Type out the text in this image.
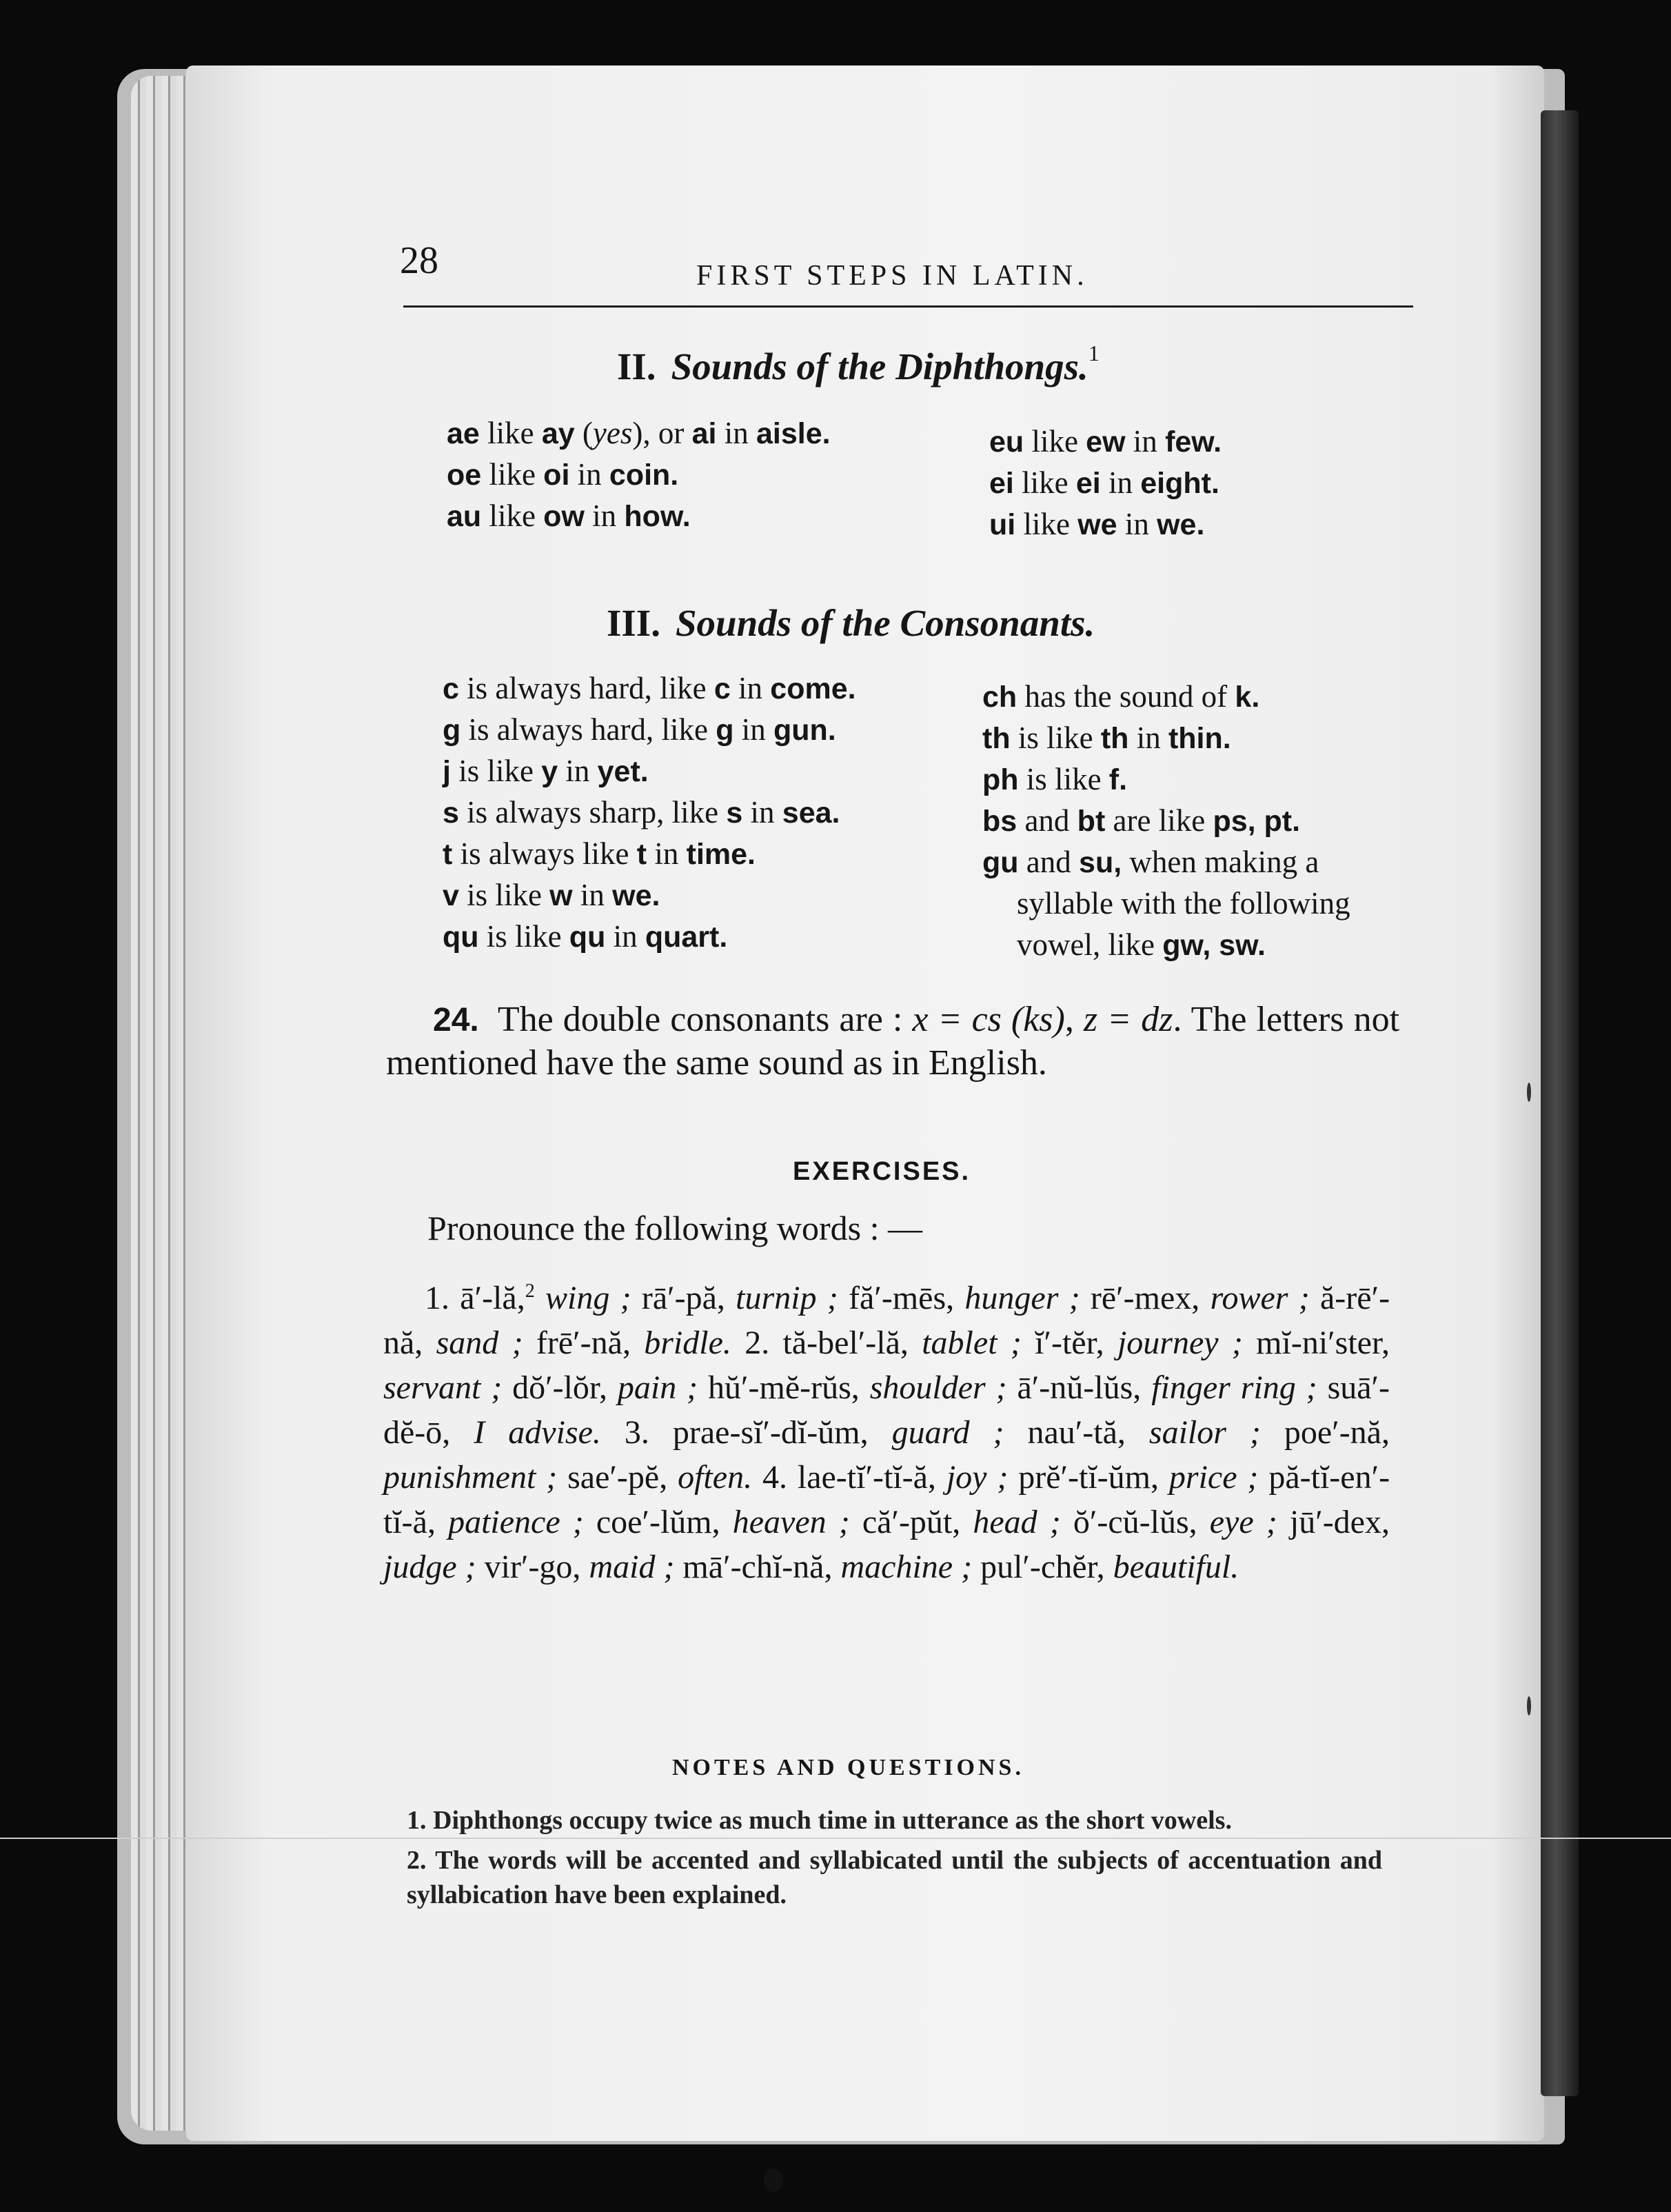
28	FIRST STEPS IN LATIN.
II. Sounds of the Diphthongs.$^1$
ae like ay (yes), or ai in aisle.
oe like oi in coin.
au like ow in how.
eu like ew in few.
ei like ei in eight.
ui like we in we.
III. Sounds of the Consonants.
c is always hard, like c in come.
g is always hard, like g in gun.
j is like y in yet.
s is always sharp, like s in sea.
t is always like t in time.
v is like w in we.
qu is like qu in quart.
ch has the sound of k.
th is like th in thin.
ph is like f.
bs and bt are like ps, pt.
gu and su, when making a
syllable with the following
vowel, like gw, sw.
24. The double consonants are : x = cs (ks), z = dz. The letters not mentioned have the same sound as in English.
EXERCISES.
Pronounce the following words : —
1. ā′-lă,$^2$ wing ; rā′-pă, turnip ; fă′-mēs, hunger ; rē′-mex, rower ; ă-rē′-nă, sand ; frē′-nă, bridle. 2. tă-bel′-lă, tablet ; ĭ′-tĕr, journey ; mĭ-ni′ster, servant ; dŏ′-lŏr, pain ; hŭ′-mĕ-rŭs, shoulder ; ā′-nŭ-lŭs, finger ring ; suā′-dĕ-ō, I advise. 3. prae-sĭ′-dĭ-ŭm, guard ; nau′-tă, sailor ; poe′-nă, punishment ; sae′-pĕ, often. 4. lae-tĭ′-tĭ-ă, joy ; prĕ′-tĭ-ŭm, price ; pă-tĭ-en′-tĭ-ă, patience ; coe′-lŭm, heaven ; că′-pŭt, head ; ŏ′-cŭ-lŭs, eye ; jū′-dex, judge ; vir′-go, maid ; mā′-chĭ-nă, machine ; pul′-chĕr, beautiful.
NOTES AND QUESTIONS.

1. Diphthongs occupy twice as much time in utterance as the short vowels.

2. The words will be accented and syllabicated until the subjects of accentuation and syllabication have been explained.
